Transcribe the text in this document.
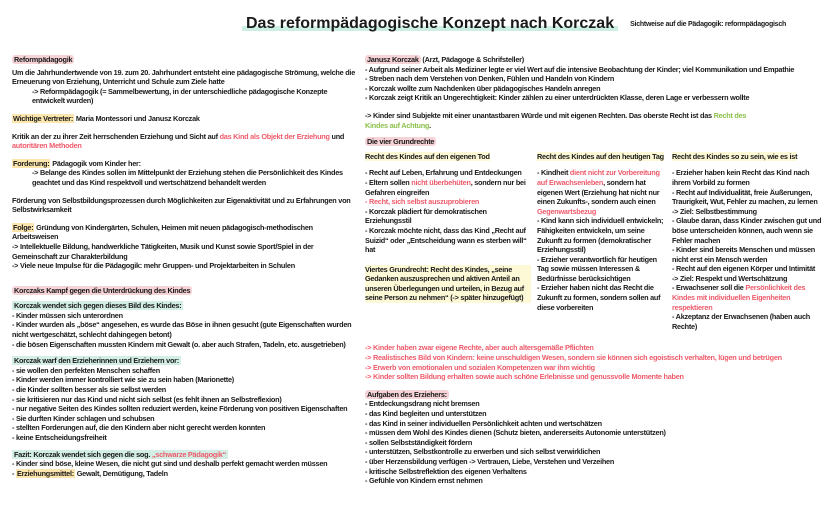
Das reformpädagogische Konzept nach Korczak	Sichtweise auf die Pädagogik: reformpädagogisch

Reformpädagogik

Um die Jahrhundertwende von 19. zum 20. Jahrhundert entsteht eine pädagogische Strömung, welche die Erneuerung von Erziehung, Unterricht und Schule zum Ziele hatte

-> Reformpädagogik (= Sammelbewertung, in der unterschiedliche pädagogische Konzepte entwickelt wurden)

Wichtige Vertreter: Maria Montessori und Janusz Korczak

Kritik an der zu ihrer Zeit herrschenden Erziehung und Sicht auf das Kind als Objekt der Erziehung und autoritären Methoden

Forderung: Pädagogik vom Kinder her:

-> Belange des Kindes sollen im Mittelpunkt der Erziehung stehen die Persönlichkeit des Kindes geachtet und das Kind respektvoll und wertschätzend behandelt werden

Förderung von Selbstbildungsprozessen durch Möglichkeiten zur Eigenaktivität und zu Erfahrungen von Selbstwirksamkeit

Folge: Gründung von Kindergärten, Schulen, Heimen mit neuen pädagogisch-methodischen Arbeitsweisen

-> Intellektuelle Bildung, handwerkliche Tätigkeiten, Musik und Kunst sowie Sport/Spiel in der Gemeinschaft zur Charakterbildung

-> Viele neue Impulse für die Pädagogik: mehr Gruppen- und Projektarbeiten in Schulen

Korczaks Kampf gegen die Unterdrückung des Kindes

Korczak wendet sich gegen dieses Bild des Kindes:

- Kinder müssen sich unterordnen

- Kinder wurden als „böse“ angesehen, es wurde das Böse in ihnen gesucht (gute Eigenschaften wurden nicht wertgeschätzt, schlecht dahingegen betont)

- die bösen Eigenschaften mussten Kindern mit Gewalt (o. aber auch Strafen, Tadeln, etc. ausgetrieben)

Korczak warf den Erzieherinnen und Erziehern vor:

- sie wollen den perfekten Menschen schaffen

- Kinder werden immer kontrolliert wie sie zu sein haben (Marionette)

- die Kinder sollten besser als sie selbst werden

- sie kritisieren nur das Kind und nicht sich selbst (es fehlt ihnen an Selbstreflexion)

- nur negative Seiten des Kindes sollten reduziert werden, keine Förderung von positiven Eigenschaften

- Sie durften Kinder schlagen und schubsen

- stellten Forderungen auf, die den Kindern aber nicht gerecht werden konnten

- keine Entscheidungsfreiheit

Fazit: Korczak wendet sich gegen die sog. „schwarze Pädagogik“

- Kinder sind böse, kleine Wesen, die nicht gut sind und deshalb perfekt gemacht werden müssen

- Erziehungsmittel: Gewalt, Demütigung, Tadeln

Janusz Korczak (Arzt, Pädagoge & Schrifsteller)

- Aufgrund seiner Arbeit als Mediziner legte er viel Wert auf die intensive Beobachtung der Kinder; viel Kommunikation und Empathie

- Streben nach dem Verstehen von Denken, Fühlen und Handeln von Kindern

- Korczak wollte zum Nachdenken über pädagogisches Handeln anregen

- Korczak zeigt Kritik an Ungerechtigkeit: Kinder zählen zu einer unterdrückten Klasse, deren Lage er verbessern wollte

-> Kinder sind Subjekte mit einer unantastbaren Würde und mit eigenen Rechten. Das oberste Recht ist das Recht des Kindes auf Achtung.

Die vier Grundrechte

Recht des Kindes auf den eigenen Tod

- Recht auf Leben, Erfahrung und Entdeckungen

- Eltern sollen nicht überbehüten, sondern nur bei Gefahren eingreifen

- Recht, sich selbst auszuprobieren

- Korczak plädiert für demokratischen Erziehungsstil

- Korczak möchte nicht, dass das Kind „Recht auf Suizid“ oder „Entscheidung wann es sterben will“ hat

Viertes Grundrecht: Recht des Kindes, „seine Gedanken auszusprechen und aktiven Anteil an unseren Überlegungen und urteilen, in Bezug auf seine Person zu nehmen“ (-> später hinzugefügt)

Recht des Kindes auf den heutigen Tag

- Kindheit dient nicht zur Vorbereitung auf Erwachsenleben, sondern hat eigenen Wert (Erziehung hat nicht nur einen Zukunfts-, sondern auch einen Gegenwartsbezug

- Kind kann sich individuell entwickeln; Fähigkeiten entwickeln, um seine Zukunft zu formen (demokratischer Erziehungsstil)

- Erzieher verantwortlich für heutigen Tag sowie müssen Interessen & Bedürfnisse berücksichtigen

- Erzieher haben nicht das Recht die Zukunft zu formen, sondern sollen auf diese vorbereiten

Recht des Kindes so zu sein, wie es ist

- Erzieher haben kein Recht das Kind nach ihrem Vorbild zu formen

- Recht auf Individualität, freie Äußerungen, Traurigkeit, Wut, Fehler zu machen, zu lernen

-> Ziel: Selbstbestimmung

- Glaube daran, dass Kinder zwischen gut und böse unterscheiden können, auch wenn sie Fehler machen

- Kinder sind bereits Menschen und müssen nicht erst ein Mensch werden

- Recht auf den eigenen Körper und Intimität

-> Ziel: Respekt und Wertschätzung

- Erwachsener soll die Persönlichkeit des Kindes mit individuellen Eigenheiten respektieren

- Akzeptanz der Erwachsenen (haben auch Rechte)

-> Kinder haben zwar eigene Rechte, aber auch altersgemäße Pflichten

-> Realistisches Bild von Kindern: keine unschuldigen Wesen, sondern sie können sich egoistisch verhalten, lügen und betrügen

-> Erwerb von emotionalen und sozialen Kompetenzen war ihm wichtig

-> Kinder sollten Bildung erhalten sowie auch schöne Erlebnisse und genussvolle Momente haben

Aufgaben des Erziehers:

- Entdeckungsdrang nicht bremsen

- das Kind begleiten und unterstützen

- das Kind in seiner individuellen Persönlichkeit achten und wertschätzen

- müssen dem Wohl des Kindes dienen (Schutz bieten, andererseits Autonomie unterstützen)

- sollen Selbstständigkeit fördern

- unterstützen, Selbstkontrolle zu erwerben und sich selbst verwirklichen

- über Herzensbildung verfügen -> Vertrauen, Liebe, Verstehen und Verzeihen

- kritische Selbstreflektion des eigenen Verhaltens

- Gefühle von Kindern ernst nehmen
